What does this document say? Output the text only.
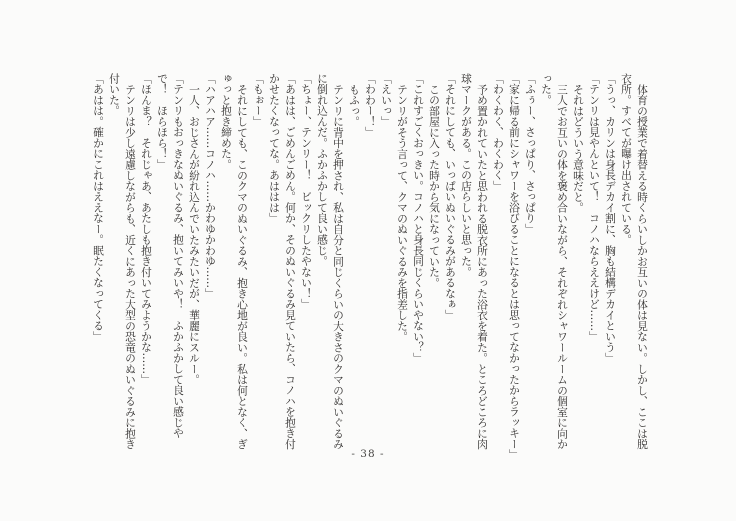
体育の授業で着替える時くらいしかお互いの体は見ない。しかし、ここは脱

衣所。すべてが曝け出されている。

「うっ、カリンは身長デカイ割に、胸も結構デカイという」

「テンリは見やんといて！　コノハならええけど……」

それはどういう意味だと。

三人でお互いの体を褒め合いながら、それぞれシャワールームの個室に向か

った。

「ふぅー、さっぱり、さっぱり」

「家に帰る前にシャワーを浴びることになるとは思ってなかったからラッキー」

「わくわく、わくわく」

予め置かれていたと思われる脱衣所にあった浴衣を着た。ところどころに肉

球マークがある。この店らしいと思った。

「それにしても、いっぱいぬいぐるみがあるなぁ」

この部屋に入った時から気になっていた。

「これすごくおっきい。コノハと身長同じくらいやない？」

テンリがそう言って、クマのぬいぐるみを指差した。

「えいっ」

「わわー！」

もふっ。

テンリに背中を押され、私は自分と同じくらいの大きさのクマのぬいぐるみ

に倒れ込んだ。ふかふかして良い感じ。

「ちょー、テンリー！　ビックリしたやない！」

「あはは、ごめんごめん。何か、そのぬいぐるみ見ていたら、コノハを抱き付

かせたくなってな。あははは」

「もぉー」

それにしても、このクマのぬいぐるみ、抱き心地が良い。私は何となく、ぎ

ゅっと抱き締めた。

「ハアハア……コノハ……かわゆかわゆ……」

一人、おじさんが紛れ込んでいたみたいだが、華麗にスルー。

「テンリもおっきなぬいぐるみ、抱いてみいや！　ふかふかして良い感じや

で！　ほらほら！」

「ほんま？　それじゃあ、あたしも抱き付いてみようかな……」

テンリは少し遠慮しながらも、近くにあった大型の恐竜のぬいぐるみに抱き

付いた。

「あはは。確かにこれはええなー。眠たくなってくる」

- 38 -
